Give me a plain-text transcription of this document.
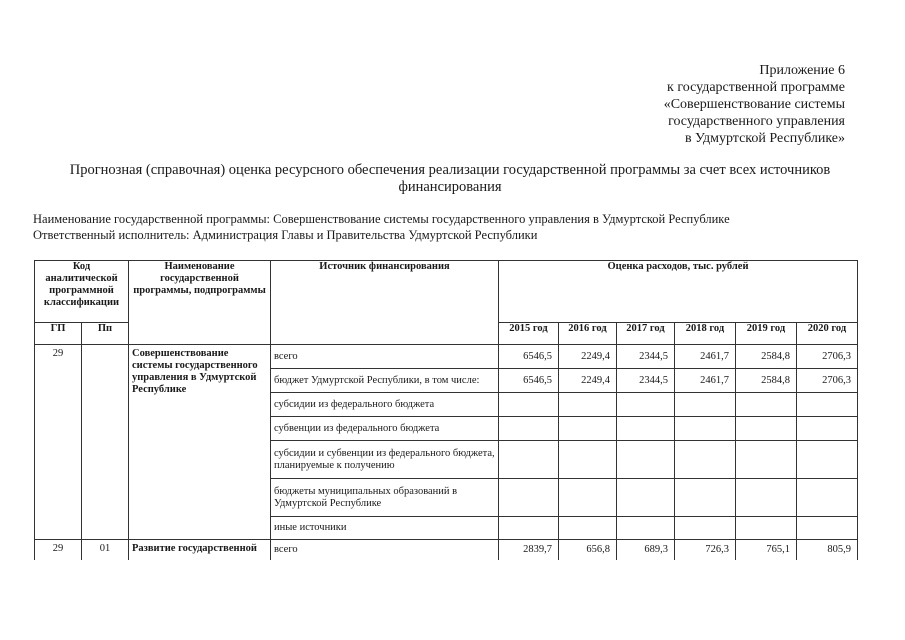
Приложение 6
к государственной программе
«Совершенствование системы
государственного управления
в Удмуртской Республике»
Прогнозная (справочная) оценка ресурсного обеспечения реализации государственной программы за счет всех источников финансирования
Наименование государственной программы: Совершенствование системы государственного управления в Удмуртской Республике
Ответственный исполнитель: Администрация Главы и Правительства Удмуртской Республики
Код аналитической программной классификации		Наименование государственной программы, подпрограммы	Источник финансирования	Оценка расходов, тыс. рублей					
ГП	Пп			2015 год	2016 год	2017 год	2018 год	2019 год	2020 год
29		Совершенствование системы государственного управления в Удмуртской Республике	всего	6546,5	2249,4	2344,5	2461,7	2584,8	2706,3
			бюджет Удмуртской Республики, в том числе:	6546,5	2249,4	2344,5	2461,7	2584,8	2706,3
			субсидии из федерального бюджета						
			субвенции из федерального бюджета						
			субсидии и субвенции из федерального бюджета, планируемые к получению						
			бюджеты муниципальных образований в Удмуртской Республике						
			иные источники						
29	01	Развитие государственной	всего	2839,7	656,8	689,3	726,3	765,1	805,9
